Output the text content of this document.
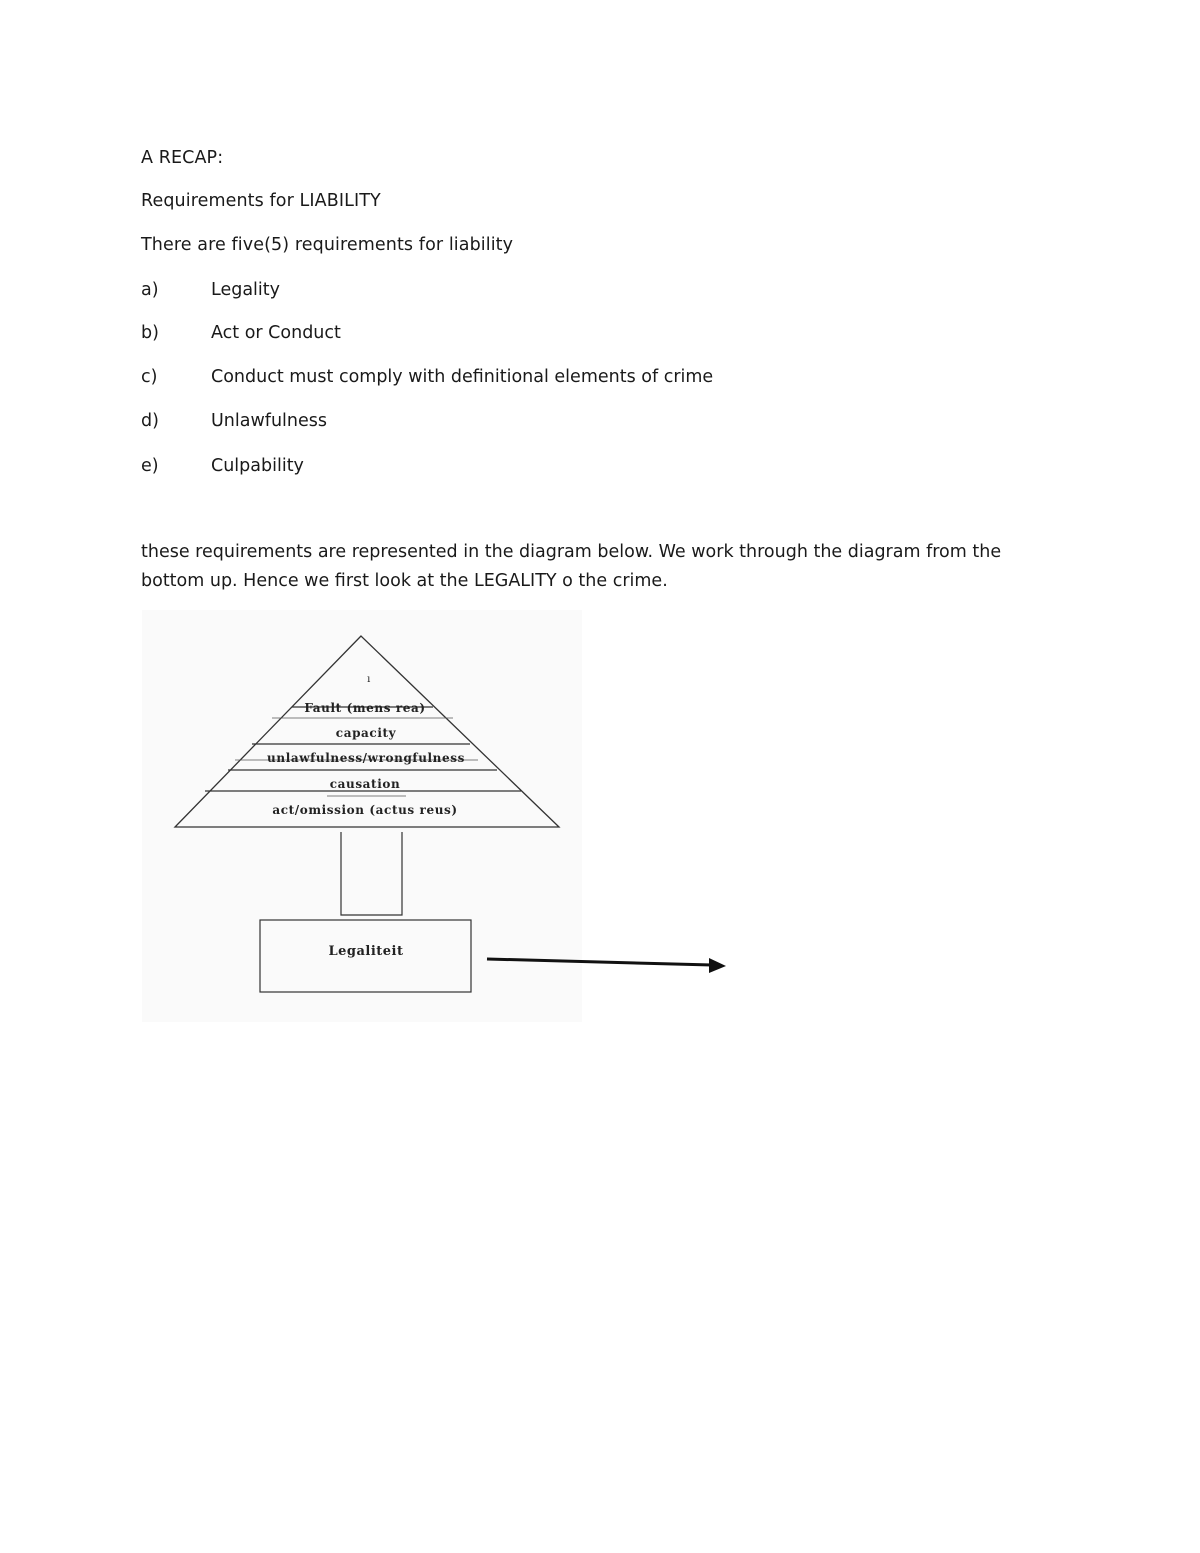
A RECAP:
Requirements for LIABILITY
There are five(5) requirements for liability
a)	Legality
b)	Act or Conduct
c)	Conduct must comply with definitional elements of crime
d)	Unlawfulness
e)	Culpability
these requirements are represented in the diagram below. We work through the diagram from the bottom up. Hence we first look at the LEGALITY o the crime.
ı
Fault (mens rea)
capacity
unlawfulness/wrongfulness
causation
act/omission (actus reus)
Legaliteit
